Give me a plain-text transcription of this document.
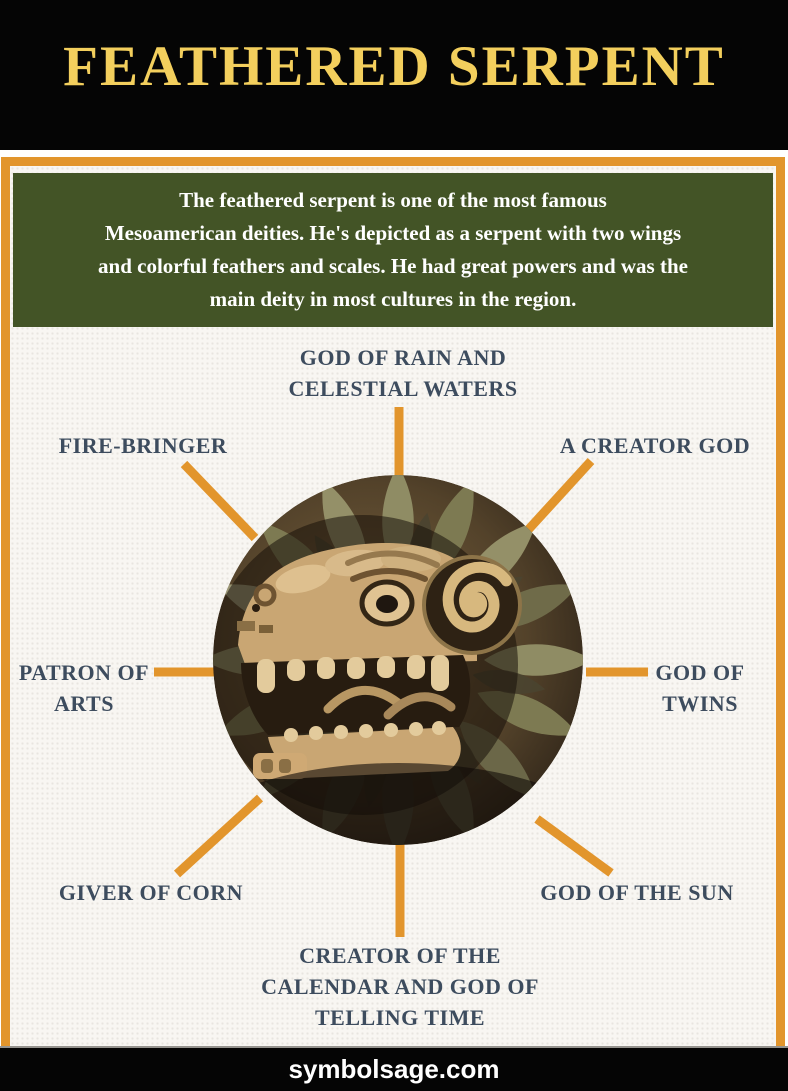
FEATHERED SERPENT
The feathered serpent is one of the most famous
Mesoamerican deities. He's depicted as a serpent with two wings
and colorful feathers and scales. He had great powers and was the
main deity in most cultures in the region.
GOD OF RAIN AND
CELESTIAL WATERS
FIRE-BRINGER	A CREATOR GOD
PATRON OF
ARTS
GOD OF
TWINS
GIVER OF CORN	GOD OF THE SUN
CREATOR OF THE
CALENDAR AND GOD OF
TELLING TIME
symbolsage.com
